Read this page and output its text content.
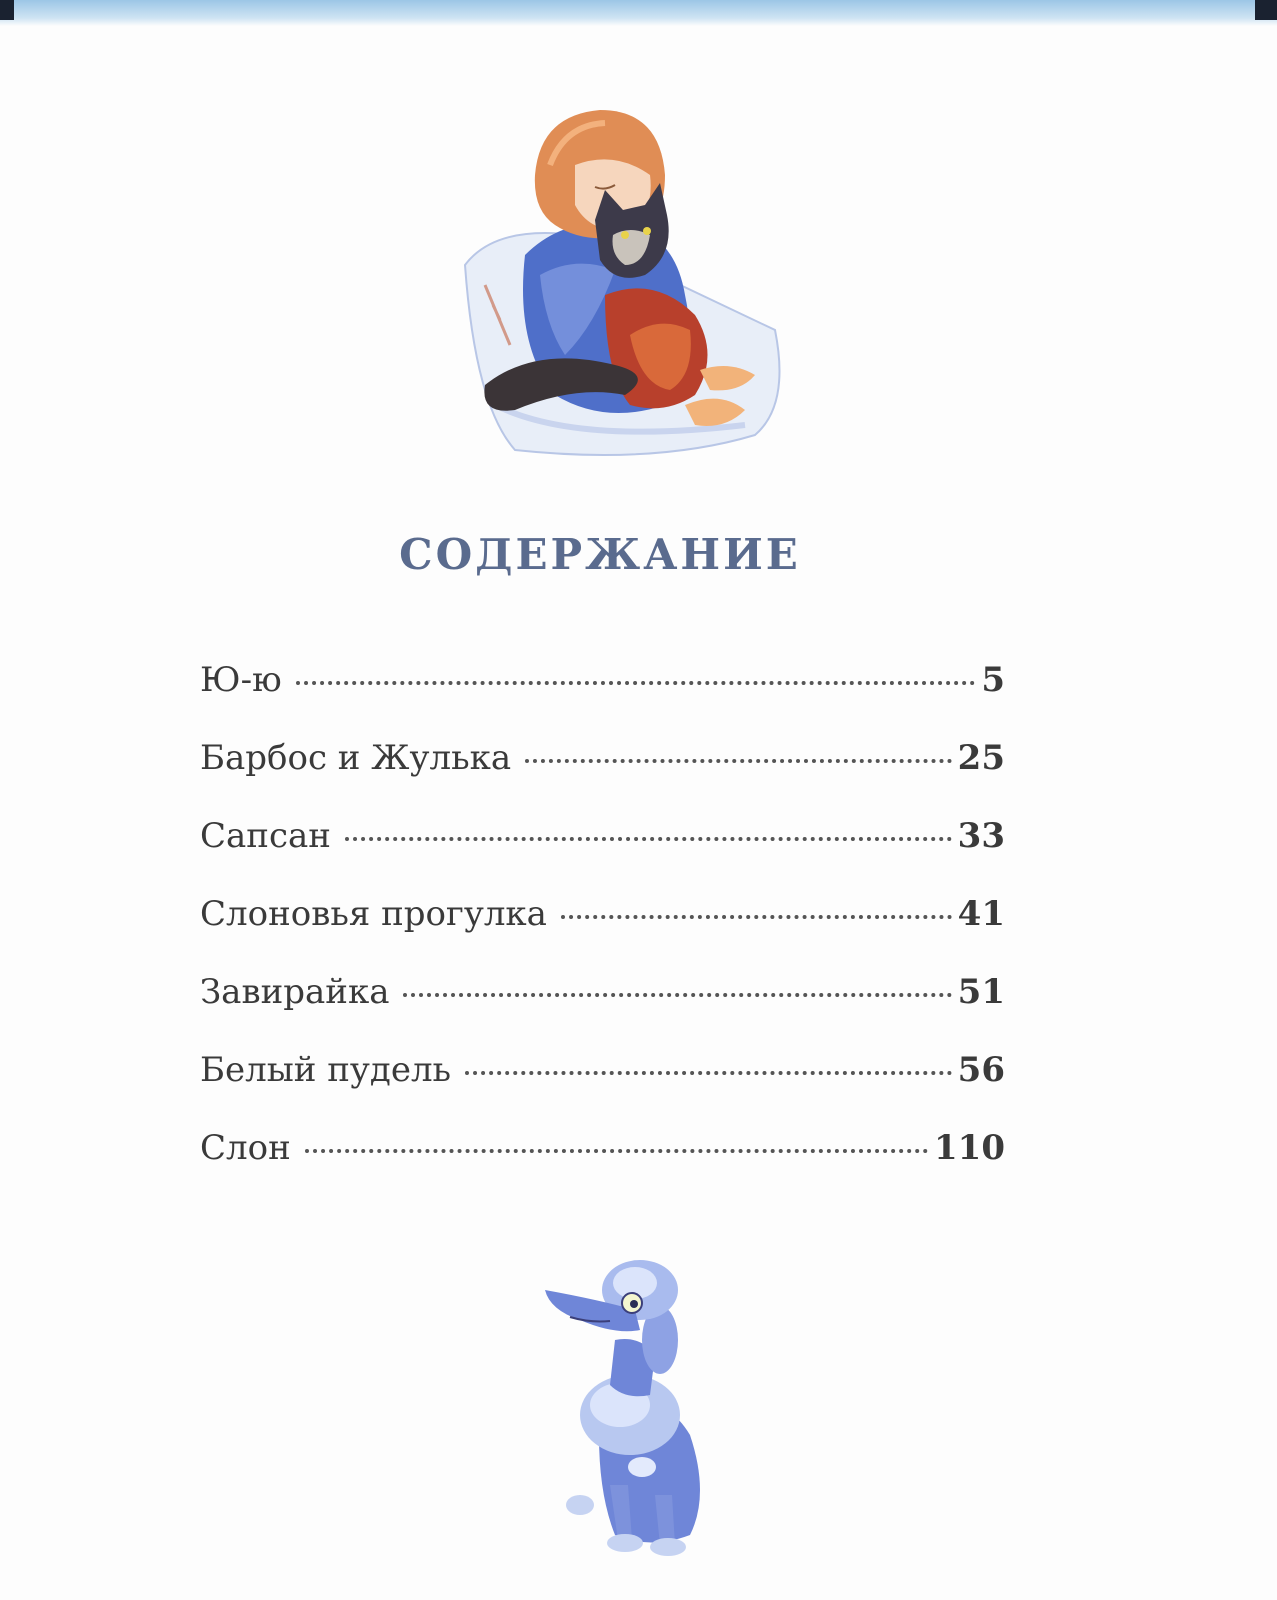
СОДЕРЖАНИЕ
Ю-ю	5
Барбос и Жулька	25
Сапсан	33
Слоновья прогулка	41
Завирайка	51
Белый пудель	56
Слон	110
